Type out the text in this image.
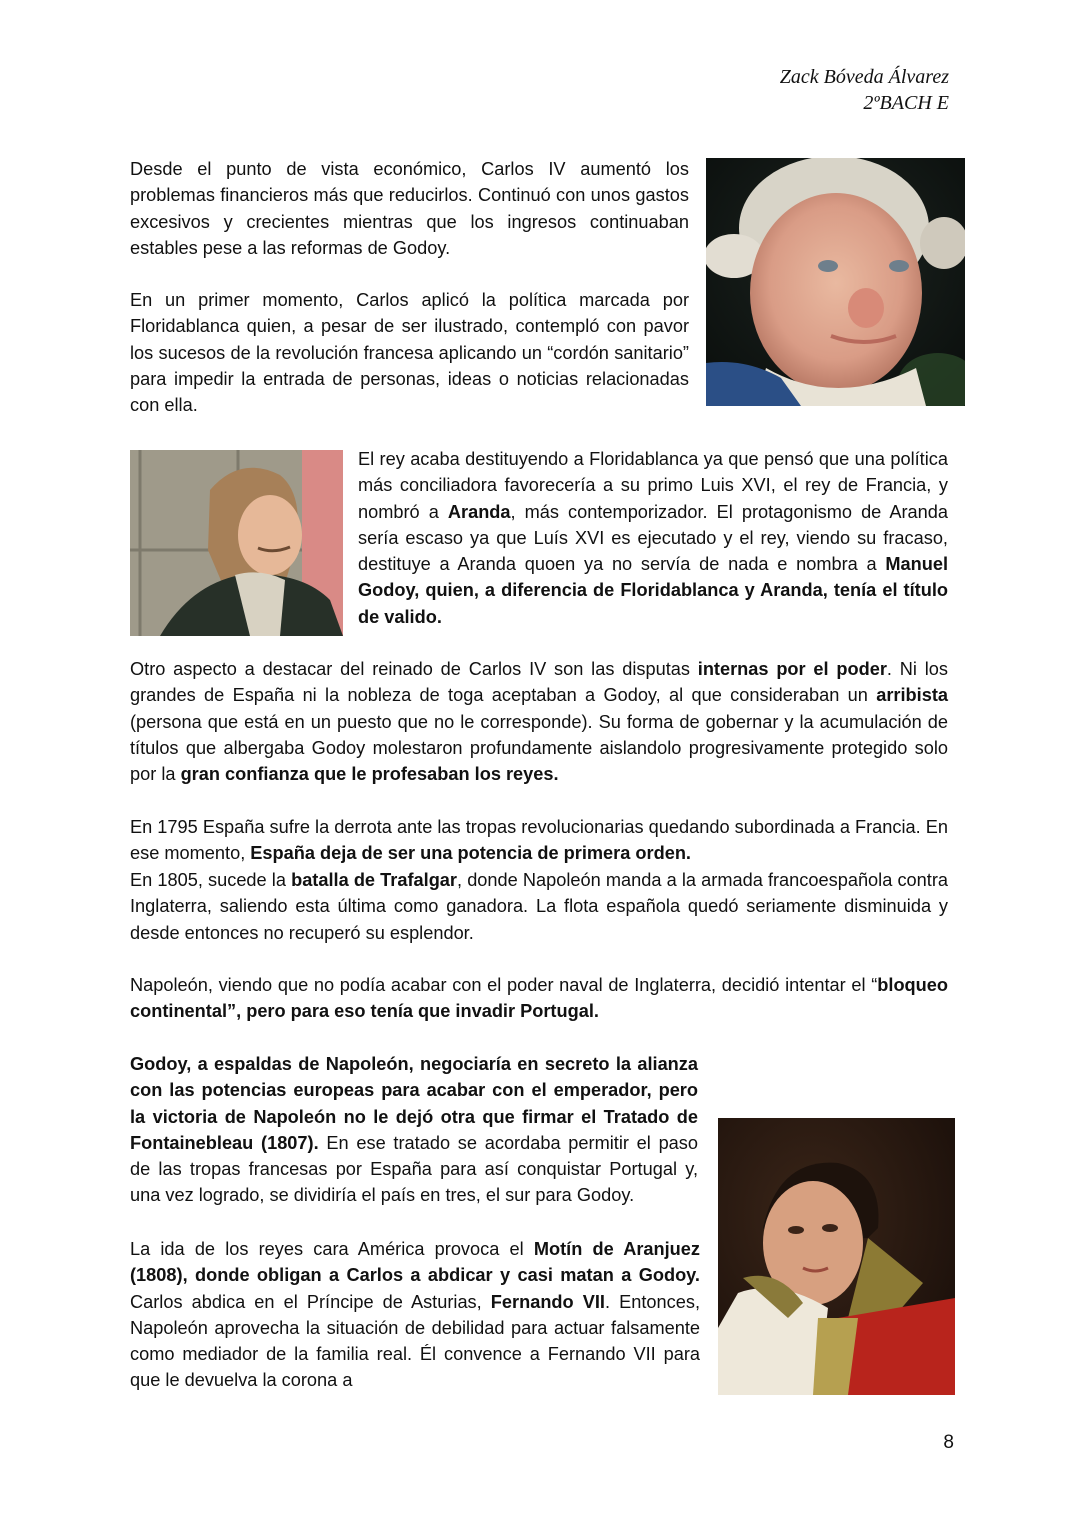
Zack Bóveda Álvarez
2ºBACH E

Desde el punto de vista económico, Carlos IV aumentó los problemas financieros más que reducirlos. Continuó con unos gastos excesivos y crecientes mientras que los ingresos continuaban estables pese a las reformas de Godoy.

En un primer momento, Carlos aplicó la política marcada por Floridablanca quien, a pesar de ser ilustrado, contempló con pavor los sucesos de la revolución francesa aplicando un “cordón sanitario” para impedir la entrada de personas, ideas o noticias relacionadas con ella.

El rey acaba destituyendo a Floridablanca ya que pensó que una política más conciliadora favorecería a su primo Luis XVI, el rey de Francia, y nombró a Aranda, más contemporizador. El protagonismo de Aranda sería escaso ya que Luís XVI es ejecutado y el rey, viendo su fracaso, destituye a Aranda quoen ya no servía de nada e nombra a Manuel Godoy, quien, a diferencia de Floridablanca y Aranda, tenía el título de valido.

Otro aspecto a destacar del reinado de Carlos IV son las disputas internas por el poder. Ni los grandes de España ni la nobleza de toga aceptaban a Godoy, al que consideraban un arribista (persona que está en un puesto que no le corresponde). Su forma de gobernar y la acumulación de títulos que albergaba Godoy molestaron profundamente aislandolo progresivamente protegido solo por la gran confianza que le profesaban los reyes.

En 1795 España sufre la derrota ante las tropas revolucionarias quedando subordinada a Francia. En ese momento, España deja de ser una potencia de primera orden.

En 1805, sucede la batalla de Trafalgar, donde Napoleón manda a la armada francoespañola contra Inglaterra, saliendo esta última como ganadora. La flota española quedó seriamente disminuida y desde entonces no recuperó su esplendor.

Napoleón, viendo que no podía acabar con el poder naval de Inglaterra, decidió intentar el “bloqueo continental”, pero para eso tenía que invadir Portugal.

Godoy, a espaldas de Napoleón, negociaría en secreto la alianza con las potencias europeas para acabar con el emperador, pero la victoria de Napoleón no le dejó otra que firmar el Tratado de Fontainebleau (1807). En ese tratado se acordaba permitir el paso de las tropas francesas por España para así conquistar Portugal y, una vez logrado, se dividiría el país en tres, el sur para Godoy.

La ida de los reyes cara América provoca el Motín de Aranjuez (1808), donde obligan a Carlos a abdicar y casi matan a Godoy. Carlos abdica en el Príncipe de Asturias, Fernando VII. Entonces, Napoleón aprovecha la situación de debilidad para actuar falsamente como mediador de la familia real. Él convence a Fernando VII para que le devuelva la corona a

8
